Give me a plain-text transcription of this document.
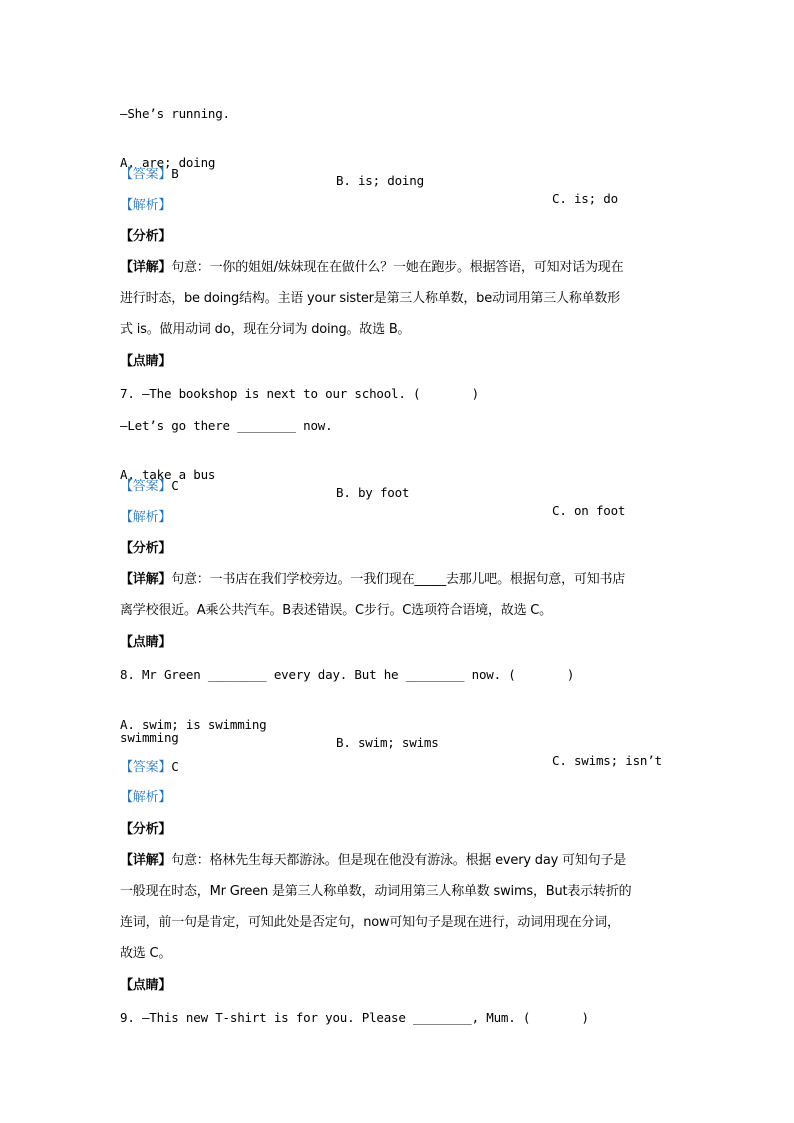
—She’s running.

A. are; doing

B. is; doing

C. is; do

【答案】B
【解析】
【分析】
【详解】句意：一你的姐姐/妹妹现在在做什么？一她在跑步。根据答语，可知对话为现在
进行时态，be doing结构。主语 your sister是第三人称单数，be动词用第三人称单数形
式 is。做用动词 do，现在分词为 doing。故选 B。
【点睛】
7. —The bookshop is next to our school. (       )
—Let’s go there ________ now.

A. take a bus

B. by foot

C. on foot

【答案】C
【解析】
【分析】
【详解】句意：一书店在我们学校旁边。一我们现在_____去那儿吧。根据句意，可知书店
离学校很近。A乘公共汽车。B表述错误。C步行。C选项符合语境，故选 C。
【点睛】
8. Mr Green ________ every day. But he ________ now. (       )

A. swim; is swimming

B. swim; swims

C. swims; isn’t

swimming
【答案】C
【解析】
【分析】
【详解】句意：格林先生每天都游泳。但是现在他没有游泳。根据 every day 可知句子是
一般现在时态，Mr Green 是第三人称单数，动词用第三人称单数 swims，But表示转折的
连词，前一句是肯定，可知此处是否定句，now可知句子是现在进行，动词用现在分词，
故选 C。
【点睛】
9. —This new T-shirt is for you. Please ________, Mum. (       )
